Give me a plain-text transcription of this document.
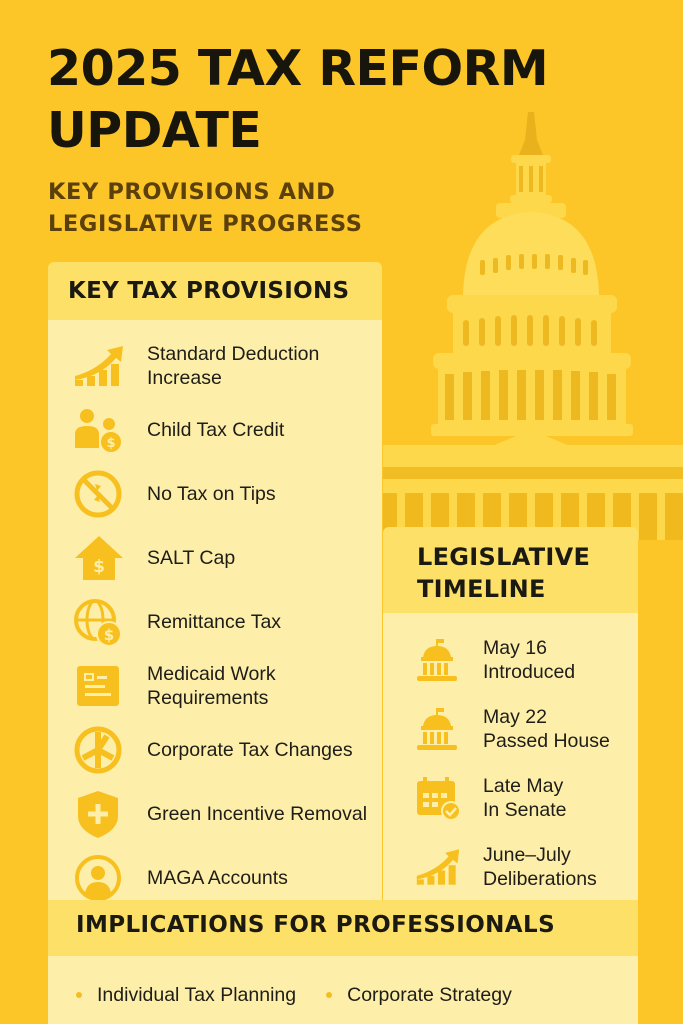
2025 TAX REFORM UPDATE
KEY PROVISIONS AND LEGISLATIVE PROGRESS
KEY TAX PROVISIONS
Standard Deduction Increase
$
Child Tax Credit
No Tax on Tips
$ SALT Cap
$
Remittance Tax
Medicaid Work Requirements
Corporate Tax Changes
Green Incentive Removal
MAGA Accounts
LEGISLATIVE TIMELINE
May 16
Introduced
May 22
Passed House
Late May
In Senate
June–July
Deliberations
IMPLICATIONS FOR PROFESSIONALS
Individual Tax Planning	Corporate Strategy
